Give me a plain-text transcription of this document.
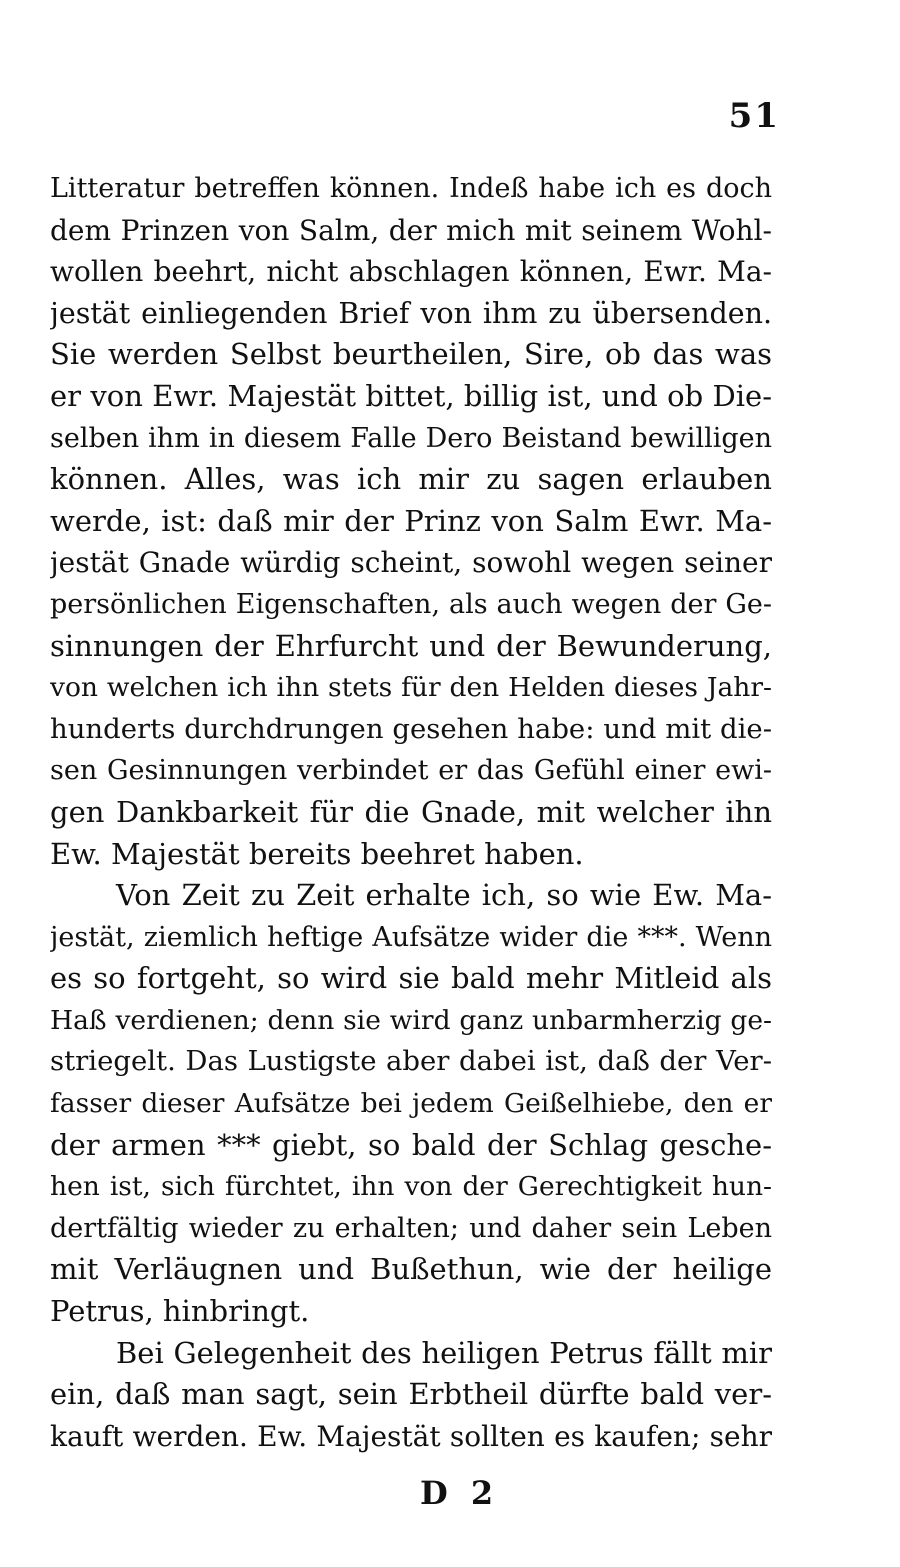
51
Litteratur betreffen können. Indeß habe ich es doch
dem Prinzen von Salm, der mich mit seinem Wohl-
wollen beehrt, nicht abschlagen können, Ewr. Ma-
jestät einliegenden Brief von ihm zu übersenden.
Sie werden Selbst beurtheilen, Sire, ob das was
er von Ewr. Majestät bittet, billig ist, und ob Die-
selben ihm in diesem Falle Dero Beistand bewilligen
können. Alles, was ich mir zu sagen erlauben
werde, ist: daß mir der Prinz von Salm Ewr. Ma-
jestät Gnade würdig scheint, sowohl wegen seiner
persönlichen Eigenschaften, als auch wegen der Ge-
sinnungen der Ehrfurcht und der Bewunderung,
von welchen ich ihn stets für den Helden dieses Jahr-
hunderts durchdrungen gesehen habe: und mit die-
sen Gesinnungen verbindet er das Gefühl einer ewi-
gen Dankbarkeit für die Gnade, mit welcher ihn
Ew. Majestät bereits beehret haben.
Von Zeit zu Zeit erhalte ich, so wie Ew. Ma-
jestät, ziemlich heftige Aufsätze wider die ***. Wenn
es so fortgeht, so wird sie bald mehr Mitleid als
Haß verdienen; denn sie wird ganz unbarmherzig ge-
striegelt. Das Lustigste aber dabei ist, daß der Ver-
fasser dieser Aufsätze bei jedem Geißelhiebe, den er
der armen *** giebt, so bald der Schlag gesche-
hen ist, sich fürchtet, ihn von der Gerechtigkeit hun-
dertfältig wieder zu erhalten; und daher sein Leben
mit Verläugnen und Bußethun, wie der heilige
Petrus, hinbringt.
Bei Gelegenheit des heiligen Petrus fällt mir
ein, daß man sagt, sein Erbtheil dürfte bald ver-
kauft werden. Ew. Majestät sollten es kaufen; sehr
D 2
